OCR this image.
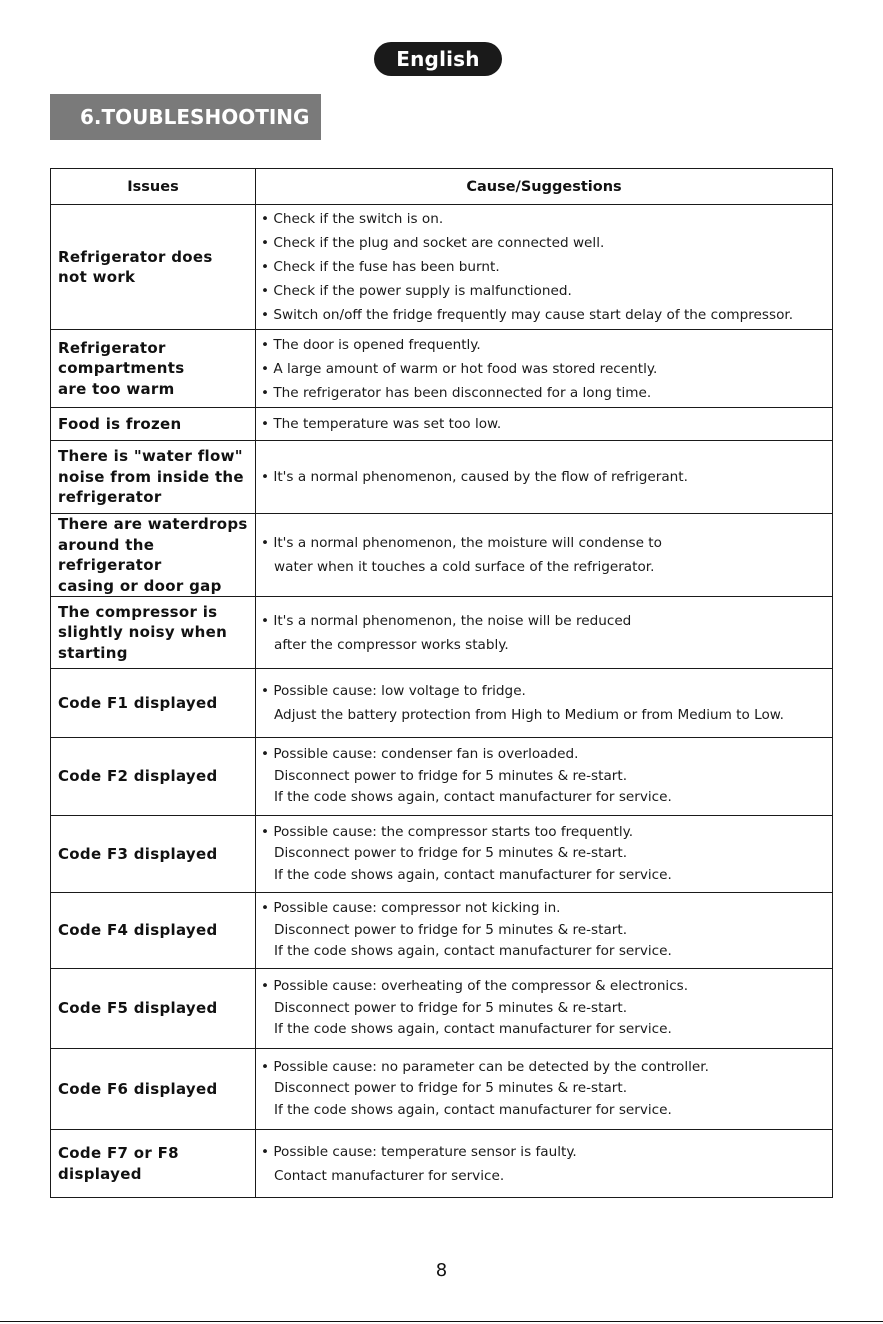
English
6.TOUBLESHOOTING
Issues	Cause/Suggestions
Refrigerator does
not work	• Check if the switch is on.
• Check if the plug and socket are connected well.
• Check if the fuse has been burnt.
• Check if the power supply is malfunctioned.
• Switch on/off the fridge frequently may cause start delay of the compressor.

Refrigerator
compartments
are too warm	• The door is opened frequently.
• A large amount of warm or hot food was stored recently.
• The refrigerator has been disconnected for a long time.

Food is frozen	• The temperature was set too low.

There is "water flow"
noise from inside the
refrigerator	• It's a normal phenomenon, caused by the flow of refrigerant.

There are waterdrops
around the refrigerator
casing or door gap	• It's a normal phenomenon, the moisture will condense to
water when it touches a cold surface of the refrigerator.

The compressor is
slightly noisy when
starting	• It's a normal phenomenon, the noise will be reduced
after the compressor works stably.

Code F1 displayed	• Possible cause: low voltage to fridge.
Adjust the battery protection from High to Medium or from Medium to Low.

Code F2 displayed	• Possible cause: condenser fan is overloaded.
Disconnect power to fridge for 5 minutes & re-start.
If the code shows again, contact manufacturer for service.

Code F3 displayed	• Possible cause: the compressor starts too frequently.
Disconnect power to fridge for 5 minutes & re-start.
If the code shows again, contact manufacturer for service.

Code F4 displayed	• Possible cause: compressor not kicking in.
Disconnect power to fridge for 5 minutes & re-start.
If the code shows again, contact manufacturer for service.

Code F5 displayed	• Possible cause: overheating of the compressor & electronics.
Disconnect power to fridge for 5 minutes & re-start.
If the code shows again, contact manufacturer for service.

Code F6 displayed	• Possible cause: no parameter can be detected by the controller.
Disconnect power to fridge for 5 minutes & re-start.
If the code shows again, contact manufacturer for service.

Code F7 or F8 displayed	• Possible cause: temperature sensor is faulty.
Contact manufacturer for service.
8
